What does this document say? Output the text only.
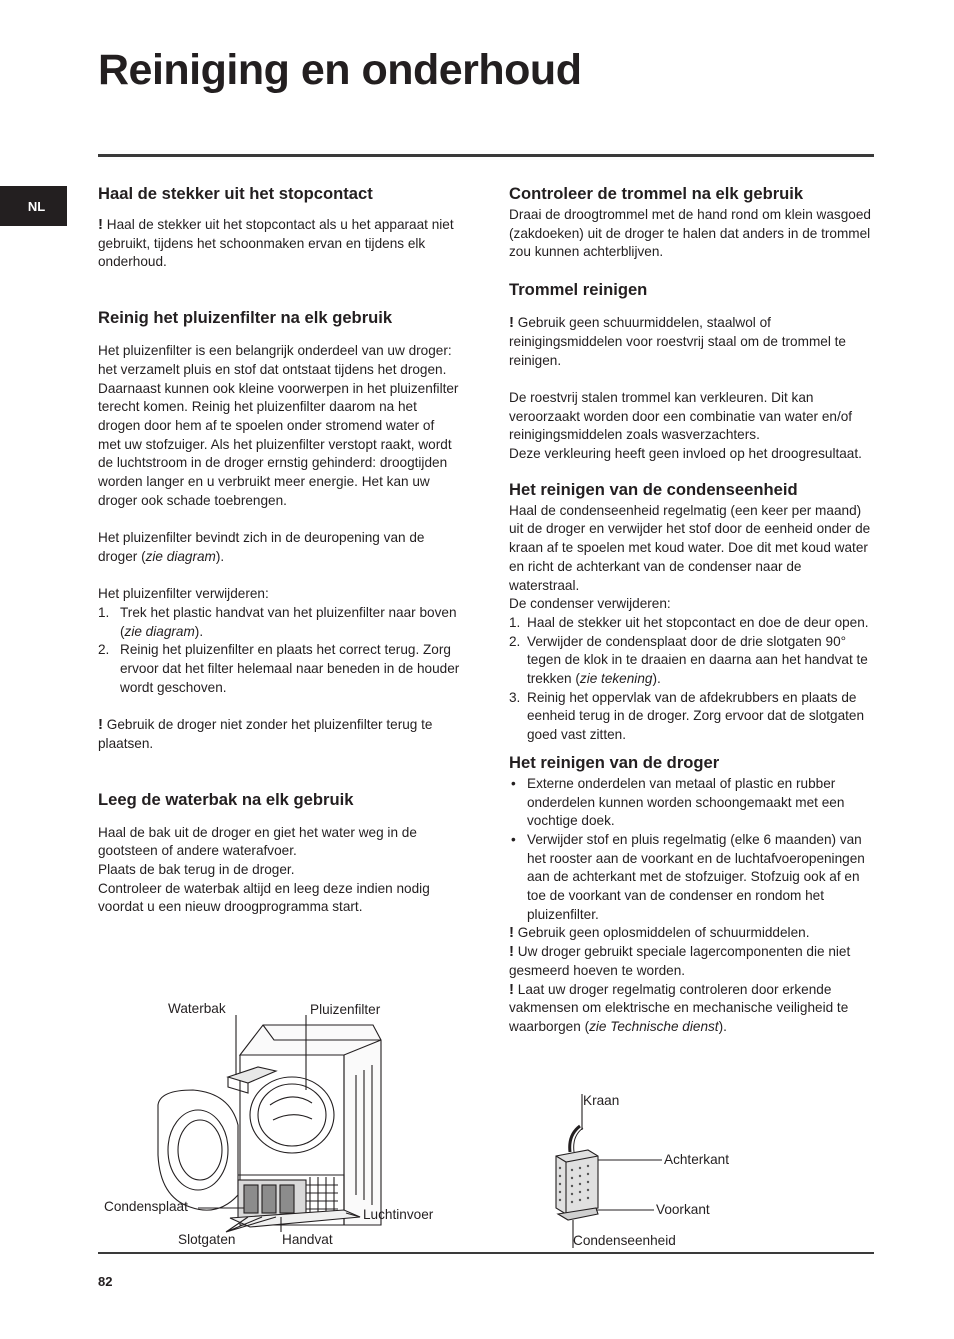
Reiniging en onderhoud
NL
Haal de stekker uit het stopcontact

! Haal de stekker uit het stopcontact als u het apparaat niet gebruikt, tijdens het schoonmaken ervan en tijdens elk onderhoud.

Reinig het pluizenfilter na elk gebruik

Het pluizenfilter is een belangrijk onderdeel van uw droger: het verzamelt pluis en stof dat ontstaat tijdens het drogen. Daarnaast kunnen ook kleine voorwerpen in het pluizenfilter terecht komen. Reinig het pluizenfilter daarom na het drogen door hem af te spoelen onder stromend water of met uw stofzuiger. Als het pluizenfilter verstopt raakt, wordt de luchtstroom in de droger ernstig gehinderd: droogtijden worden langer en u verbruikt meer energie. Het kan uw droger ook schade toebrengen.

Het pluizenfilter bevindt zich in de deuropening van de droger (zie diagram).

Het pluizenfilter verwijderen:

1. Trek het plastic handvat van het pluizenfilter naar boven (zie diagram).
2. Reinig het pluizenfilter en plaats het correct terug. Zorg ervoor dat het filter helemaal naar beneden in de houder wordt geschoven.

! Gebruik de droger niet zonder het pluizenfilter terug te plaatsen.

Leeg de waterbak na elk gebruik

Haal de bak uit de droger en giet het water weg in de gootsteen of andere waterafvoer.

Plaats de bak terug in de droger.

Controleer de waterbak altijd en leeg deze indien nodig voordat u een nieuw droogprogramma start.

Waterbak	Pluizenfilter
Condensplaat
Luchtinvoer
Slotgaten	Handvat
Controleer de trommel na elk gebruik

Draai de droogtrommel met de hand rond om klein wasgoed (zakdoeken) uit de droger te halen dat anders in de trommel zou kunnen achterblijven.

Trommel reinigen

! Gebruik geen schuurmiddelen, staalwol of reinigingsmiddelen voor roestvrij staal om de trommel te reinigen.

De roestvrij stalen trommel kan verkleuren. Dit kan veroorzaakt worden door een combinatie van water en/of reinigingsmiddelen zoals wasverzachters.

Deze verkleuring heeft geen invloed op het droogresultaat.

Het reinigen van de condenseenheid

Haal de condenseenheid regelmatig (een keer per maand) uit de droger en verwijder het stof door de eenheid onder de kraan af te spoelen met koud water. Doe dit met koud water en richt de achterkant van de condenser naar de waterstraal.

De condenser verwijderen:

1. Haal de stekker uit het stopcontact en doe de deur open.
2. Verwijder de condensplaat door de drie slotgaten 90° tegen de klok in te draaien en daarna aan het handvat te trekken (zie tekening).
3. Reinig het oppervlak van de afdekrubbers en plaats de eenheid terug in de droger. Zorg ervoor dat de slotgaten goed vast zitten.
Het reinigen van de droger
• Externe onderdelen van metaal of plastic en rubber onderdelen kunnen worden schoongemaakt met een vochtige doek.
• Verwijder stof en pluis regelmatig (elke 6 maanden) van het rooster aan de voorkant en de luchtafvoeropeningen aan de achterkant met de stofzuiger. Stofzuig ook af en toe de voorkant van de condenser en rondom het pluizenfilter.

! Gebruik geen oplosmiddelen of schuurmiddelen.

! Uw droger gebruikt speciale lagercomponenten die niet gesmeerd hoeven te worden.

! Laat uw droger regelmatig controleren door erkende vakmensen om elektrische en mechanische veiligheid te waarborgen (zie Technische dienst).

Kraan
Achterkant
Voorkant
Condenseenheid
82
